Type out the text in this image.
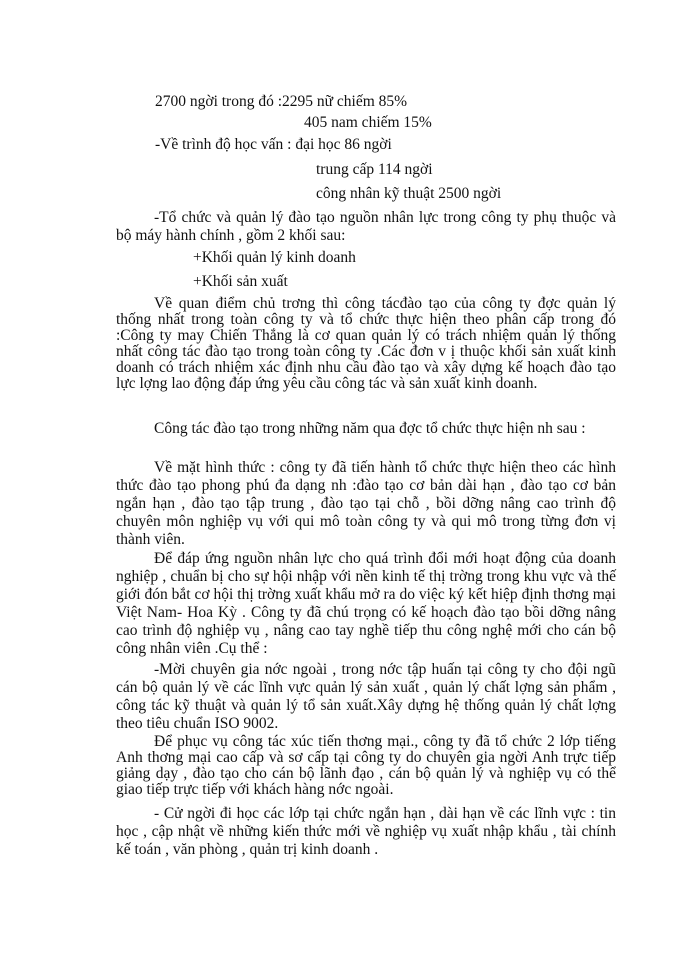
2700 ngời trong đó :2295 nữ chiếm 85%
405 nam chiếm 15%
-Về trình độ học vấn : đại học 86 ngời
trung cấp 114 ngời
công nhân kỹ thuật 2500 ngời
-Tổ chức và quản lý đào tạo nguồn nhân lực trong công ty phụ thuộc và bộ máy hành chính , gồm 2 khối sau:
+Khối quản lý kinh doanh
+Khối sản xuất
Về quan điểm chủ trơng thì công tácđào tạo của công ty đợc quản lý thống nhất trong toàn công ty và tổ chức thực hiện theo phân cấp trong đó :Công ty may Chiến Thắng là cơ quan quản lý có trách nhiệm quản lý thống nhất công tác đào tạo trong toàn công ty .Các đơn v ị thuộc khối sản xuất kinh doanh có trách nhiệm xác định nhu cầu đào tạo và xây dựng kế hoạch đào tạo lực lợng lao động đáp ứng yêu cầu công tác và sản xuất kinh doanh.
Công tác đào tạo trong những năm qua đợc tổ chức thực hiện nh sau :
Về mặt hình thức : công ty đã tiến hành tổ chức thực hiện theo các hình thức đào tạo phong phú đa dạng nh :đào tạo cơ bản dài hạn , đào tạo cơ bản ngắn hạn , đào tạo tập trung , đào tạo tại chỗ , bồi dỡng nâng cao trình độ chuyên môn nghiệp vụ với qui mô toàn công ty và qui mô trong từng đơn vị thành viên.
Để đáp ứng nguồn nhân lực cho quá trình đổi mới hoạt động của doanh nghiệp , chuẩn bị cho sự hội nhập với nền kinh tế thị trờng trong khu vực và thế giới đón bắt cơ hội thị trờng xuất khẩu mở ra do việc ký kết hiệp định thơng mại Việt Nam- Hoa Kỳ . Công ty đã chú trọng có kế hoạch đào tạo bồi dỡng nâng cao trình độ nghiệp vụ , nâng cao tay nghề tiếp thu công nghệ mới cho cán bộ công nhân viên .Cụ thể :
-Mời chuyên gia nớc ngoài , trong nớc tập huấn tại công ty cho đội ngũ cán bộ quản lý về các lĩnh vực quản lý sản xuất , quản lý chất lợng sản phẩm , công tác kỹ thuật và quản lý tổ sản xuất.Xây dựng hệ thống quản lý chất lợng theo tiêu chuẩn ISO 9002.
Để phục vụ công tác xúc tiến thơng mại., công ty đã tổ chức 2 lớp tiếng Anh thơng mại cao cấp và sơ cấp tại công ty do chuyên gia ngời Anh trực tiếp giảng dạy , đào tạo cho cán bộ lãnh đạo , cán bộ quản lý và nghiệp vụ có thể giao tiếp trực tiếp với khách hàng nớc ngoài.
- Cử ngời đi học các lớp tại chức ngắn hạn , dài hạn về các lĩnh vực : tin học , cập nhật về những kiến thức mới về nghiệp vụ xuất nhập khẩu , tài chính kế toán , văn phòng , quản trị kinh doanh .
